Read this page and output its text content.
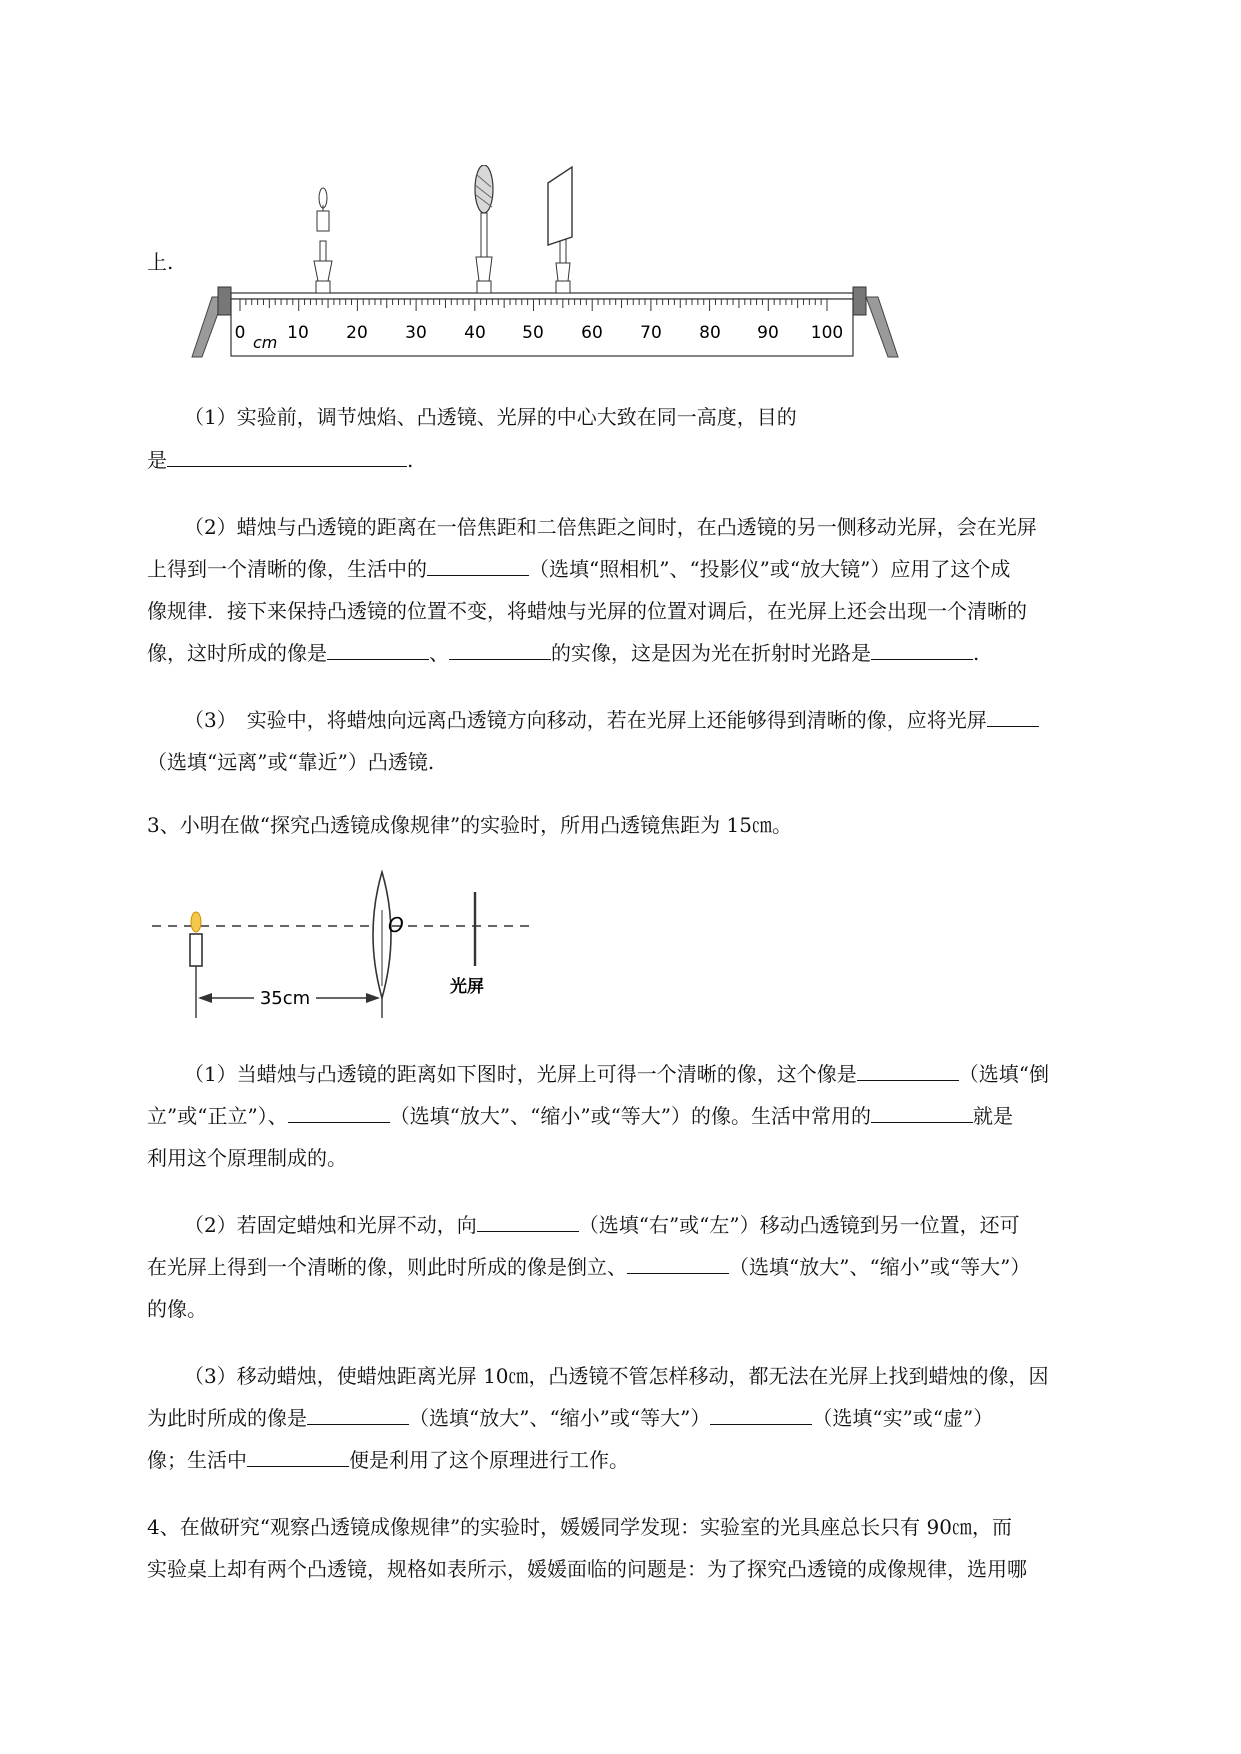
上.
0 10 20 30 40 50 60 70 80 90 100
cm
（1）实验前，调节烛焰、凸透镜、光屏的中心大致在同一高度，目的
是	.
（2）蜡烛与凸透镜的距离在一倍焦距和二倍焦距之间时，在凸透镜的另一侧移动光屏，会在光屏
上得到一个清晰的像，生活中的	（选填“照相机”、“投影仪”或“放大镜”）应用了这个成
像规律．接下来保持凸透镜的位置不变，将蜡烛与光屏的位置对调后，在光屏上还会出现一个清晰的
像，这时所成的像是	、	的实像，这是因为光在折射时光路是	.
（3）　实验中，将蜡烛向远离凸透镜方向移动，若在光屏上还能够得到清晰的像，应将光屏
（选填“远离”或“靠近”）凸透镜.
3、小明在做“探究凸透镜成像规律”的实验时，所用凸透镜焦距为 15㎝。
O
光屏
35cm
（1）当蜡烛与凸透镜的距离如下图时，光屏上可得一个清晰的像，这个像是	（选填“倒
立”或“正立”）、	（选填“放大”、“缩小”或“等大”）的像。生活中常用的	就是
利用这个原理制成的。
（2）若固定蜡烛和光屏不动，向	（选填“右”或“左”）移动凸透镜到另一位置，还可
在光屏上得到一个清晰的像，则此时所成的像是倒立、	（选填“放大”、“缩小”或“等大”）
的像。
（3）移动蜡烛，使蜡烛距离光屏 10㎝，凸透镜不管怎样移动，都无法在光屏上找到蜡烛的像，因
为此时所成的像是	（选填“放大”、“缩小”或“等大”）	（选填“实”或“虚”）
像；生活中	便是利用了这个原理进行工作。
4、在做研究“观察凸透镜成像规律”的实验时，媛媛同学发现：实验室的光具座总长只有 90㎝，而
实验桌上却有两个凸透镜，规格如表所示，媛媛面临的问题是：为了探究凸透镜的成像规律，选用哪
